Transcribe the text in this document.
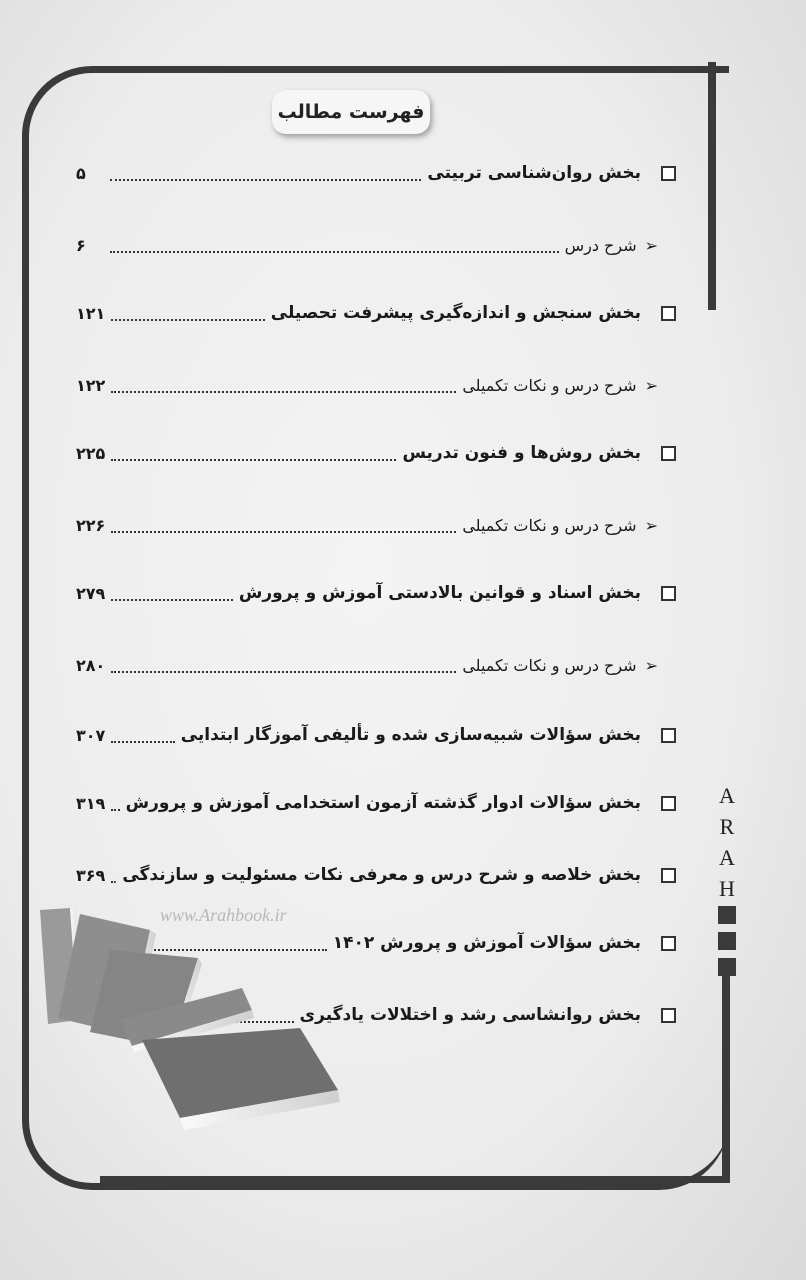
فهرست مطالب
بخش روان‌شناسی تربیتی
۵
➢
شرح درس
۶
بخش سنجش و اندازه‌گیری پیشرفت تحصیلی
۱۲۱
➢
شرح درس و نکات تکمیلی
۱۲۲
بخش روش‌ها و فنون تدریس
۲۲۵
➢
شرح درس و نکات تکمیلی
۲۲۶
بخش اسناد و قوانین بالادستی آموزش و پرورش
۲۷۹
➢
شرح درس و نکات تکمیلی
۲۸۰
بخش سؤالات شبیه‌سازی شده و تألیفی آموزگار ابتدایی
۳۰۷
بخش سؤالات ادوار گذشته آزمون استخدامی آموزش و پرورش
۳۱۹
بخش خلاصه و شرح درس و معرفی نکات مسئولیت و سازندگی
۳۶۹
بخش سؤالات آموزش و پرورش ۱۴۰۲
بخش روانشاسی رشد و اختلالات یادگیری
A
R
A
H
www.Arahbook.ir
